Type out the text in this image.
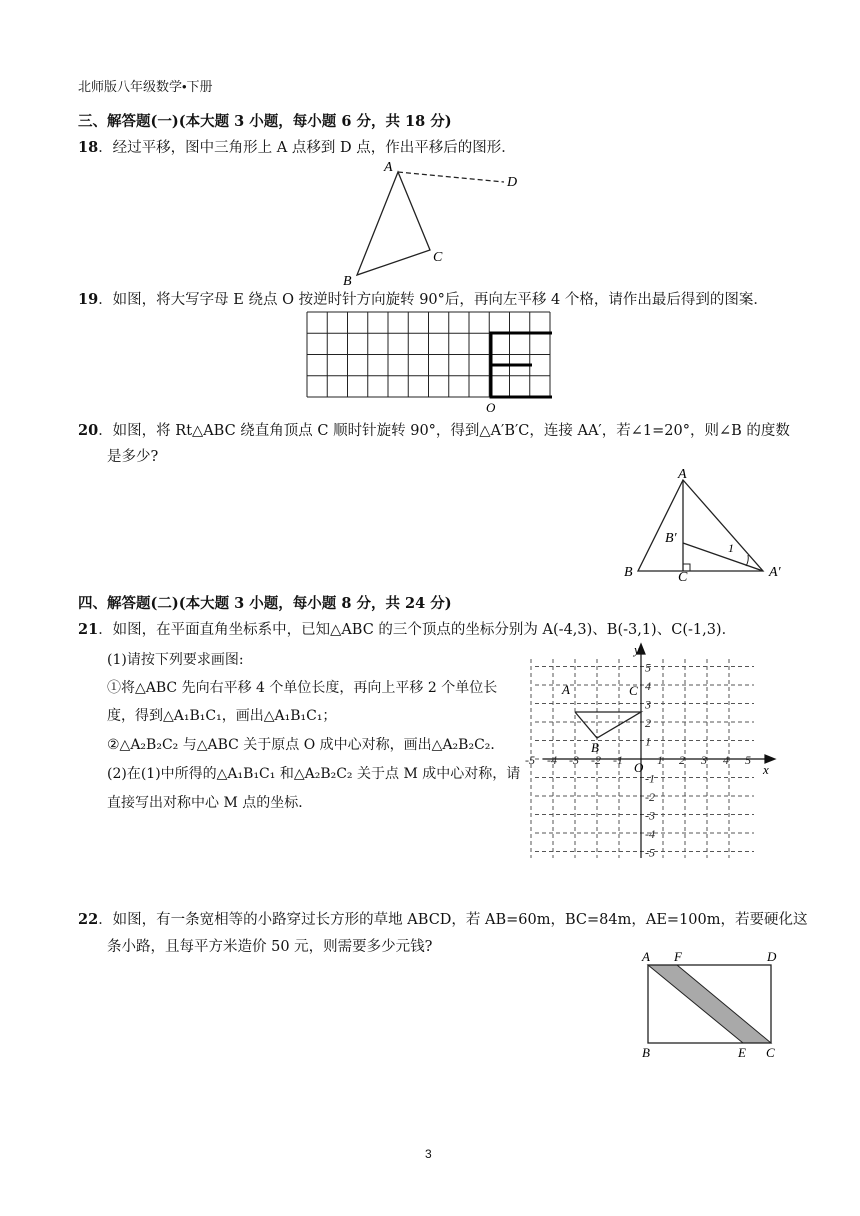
北师版八年级数学•下册
三、解答题(一)(本大题 3 小题，每小题 6 分，共 18 分)
18．经过平移，图中三角形上 A 点移到 D 点，作出平移后的图形．
A
D
C
B
19．如图，将大写字母 E 绕点 O 按逆时针方向旋转 90°后，再向左平移 4 个格，请作出最后得到的图案．
O
20．如图，将 Rt△ABC 绕直角顶点 C 顺时针旋转 90°，得到△A′B′C，连接 AA′，若∠1=20°，则∠B 的度数
是多少?
A
B′
1
B	C	A′
四、解答题(二)(本大题 3 小题，每小题 8 分，共 24 分)
21．如图，在平面直角坐标系中，已知△ABC 的三个顶点的坐标分别为 A(-4,3)、B(-3,1)、C(-1,3)．
(1)请按下列要求画图:
①将△ABC 先向右平移 4 个单位长度，再向上平移 2 个单位长
度，得到△A₁B₁C₁，画出△A₁B₁C₁；
②△A₂B₂C₂ 与△ABC 关于原点 O 成中心对称，画出△A₂B₂C₂．
(2)在(1)中所得的△A₁B₁C₁ 和△A₂B₂C₂ 关于点 M 成中心对称，请
直接写出对称中心 M 点的坐标．
-5 -4 -3 -2 -1	1 2 3 4 5
5
4
3
2
1
-1
-2
-3
-4
-5
x
y
O
A
B
C
22．如图，有一条宽相等的小路穿过长方形的草地 ABCD，若 AB=60m，BC=84m，AE=100m，若要硬化这
条小路，且每平方米造价 50 元，则需要多少元钱?
A F	D
B	E C
3
